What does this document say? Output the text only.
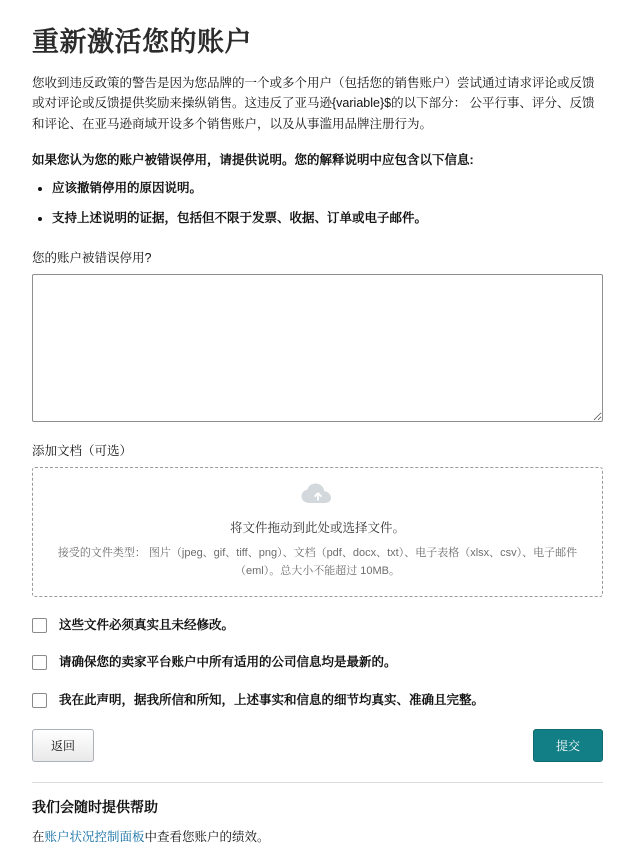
重新激活您的账户

您收到违反政策的警告是因为您品牌的一个或多个用户（包括您的销售账户）尝试通过请求评论或反馈或对评论或反馈提供奖励来操纵销售。这违反了亚马逊{variable}$的以下部分： 公平行事、评分、反馈和评论、在亚马逊商域开设多个销售账户，以及从事滥用品牌注册行为。

如果您认为您的账户被错误停用，请提供说明。您的解释说明中应包含以下信息:

• 应该撤销停用的原因说明。
• 支持上述说明的证据，包括但不限于发票、收据、订单或电子邮件。
您的账户被错误停用?
添加文档（可选）
将文件拖动到此处或选择文件。
接受的文件类型： 图片（jpeg、gif、tiff、png）、文档（pdf、docx、txt）、电子表格（xlsx、csv）、电子邮件（eml）。总大小不能超过 10MB。
这些文件必须真实且未经修改。
请确保您的卖家平台账户中所有适用的公司信息均是最新的。
我在此声明，据我所信和所知，上述事实和信息的细节均真实、准确且完整。
返回	提交
我们会随时提供帮助
在账户状况控制面板中查看您账户的绩效。
